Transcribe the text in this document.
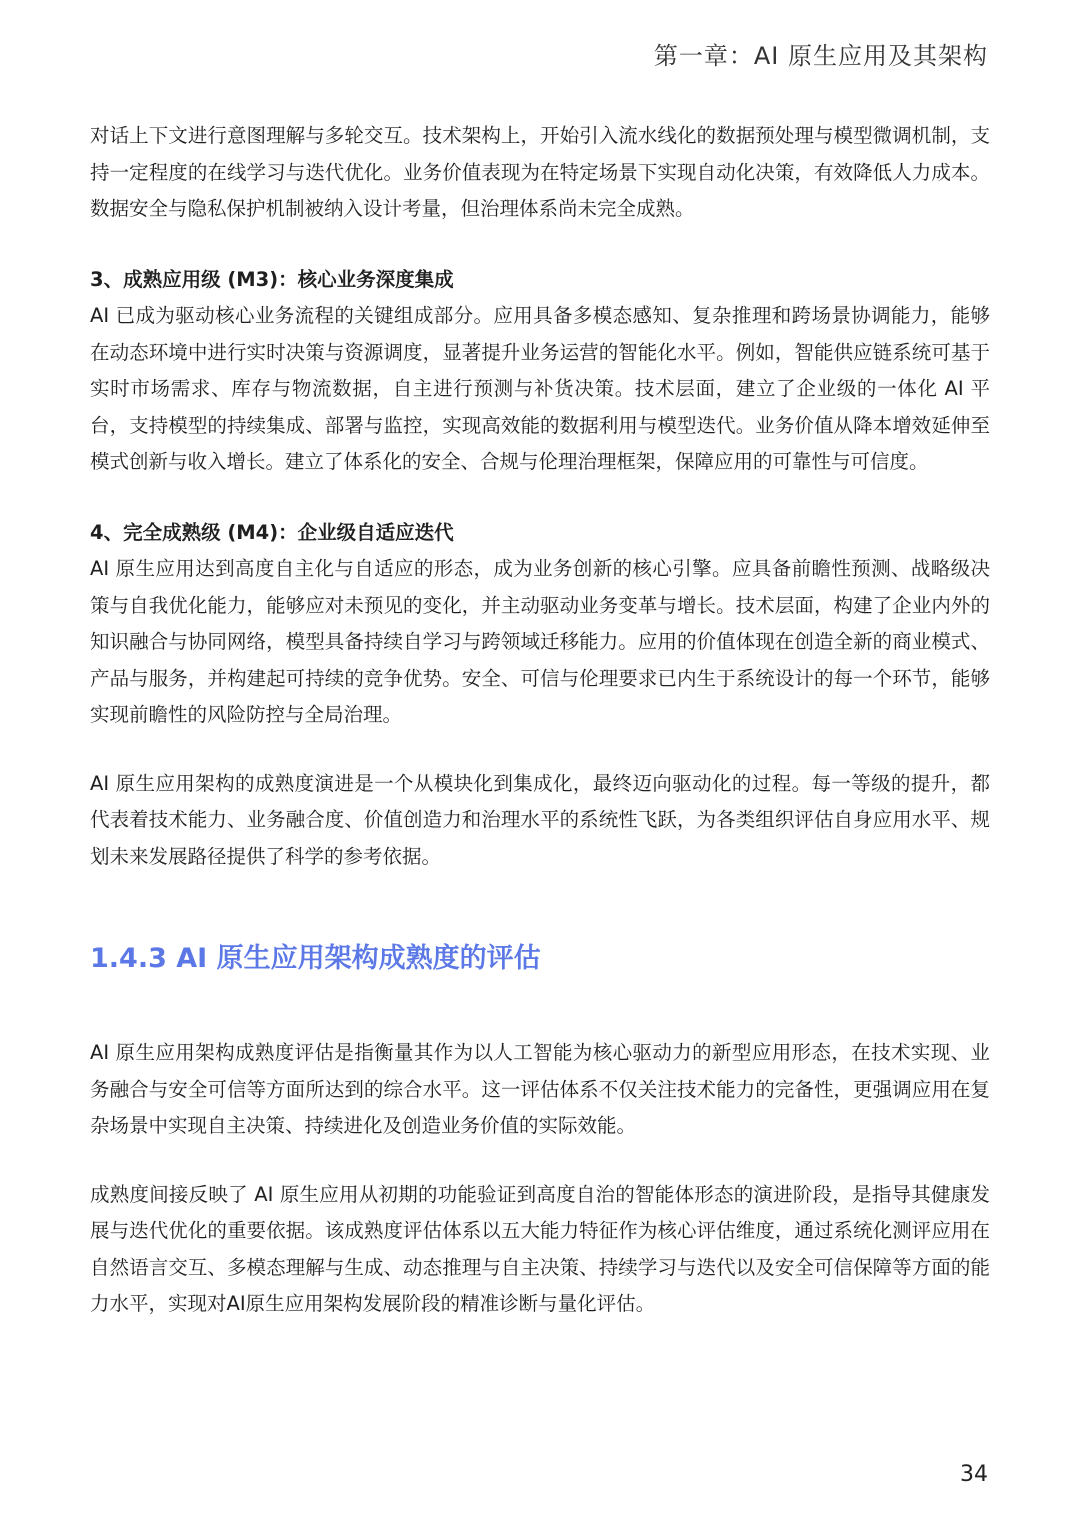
第一章：AI 原生应用及其架构

对话上下文进行意图理解与多轮交互。技术架构上，开始引入流水线化的数据预处理与模型微调机制，支持一定程度的在线学习与迭代优化。业务价值表现为在特定场景下实现自动化决策，有效降低人力成本。数据安全与隐私保护机制被纳入设计考量，但治理体系尚未完全成熟。

3、成熟应用级 (M3)：核心业务深度集成

AI 已成为驱动核心业务流程的关键组成部分。应用具备多模态感知、复杂推理和跨场景协调能力，能够在动态环境中进行实时决策与资源调度，显著提升业务运营的智能化水平。例如，智能供应链系统可基于实时市场需求、库存与物流数据，自主进行预测与补货决策。技术层面，建立了企业级的一体化 AI 平台，支持模型的持续集成、部署与监控，实现高效能的数据利用与模型迭代。业务价值从降本增效延伸至模式创新与收入增长。建立了体系化的安全、合规与伦理治理框架，保障应用的可靠性与可信度。

4、完全成熟级 (M4)：企业级自适应迭代

AI 原生应用达到高度自主化与自适应的形态，成为业务创新的核心引擎。应具备前瞻性预测、战略级决策与自我优化能力，能够应对未预见的变化，并主动驱动业务变革与增长。技术层面，构建了企业内外的知识融合与协同网络，模型具备持续自学习与跨领域迁移能力。应用的价值体现在创造全新的商业模式、产品与服务，并构建起可持续的竞争优势。安全、可信与伦理要求已内生于系统设计的每一个环节，能够实现前瞻性的风险防控与全局治理。

AI 原生应用架构的成熟度演进是一个从模块化到集成化，最终迈向驱动化的过程。每一等级的提升，都代表着技术能力、业务融合度、价值创造力和治理水平的系统性飞跃，为各类组织评估自身应用水平、规划未来发展路径提供了科学的参考依据。

1.4.3 AI 原生应用架构成熟度的评估

AI 原生应用架构成熟度评估是指衡量其作为以人工智能为核心驱动力的新型应用形态，在技术实现、业务融合与安全可信等方面所达到的综合水平。这一评估体系不仅关注技术能力的完备性，更强调应用在复杂场景中实现自主决策、持续进化及创造业务价值的实际效能。

成熟度间接反映了 AI 原生应用从初期的功能验证到高度自治的智能体形态的演进阶段，是指导其健康发展与迭代优化的重要依据。该成熟度评估体系以五大能力特征作为核心评估维度，通过系统化测评应用在自然语言交互、多模态理解与生成、动态推理与自主决策、持续学习与迭代以及安全可信保障等方面的能力水平，实现对AI原生应用架构发展阶段的精准诊断与量化评估。

34
